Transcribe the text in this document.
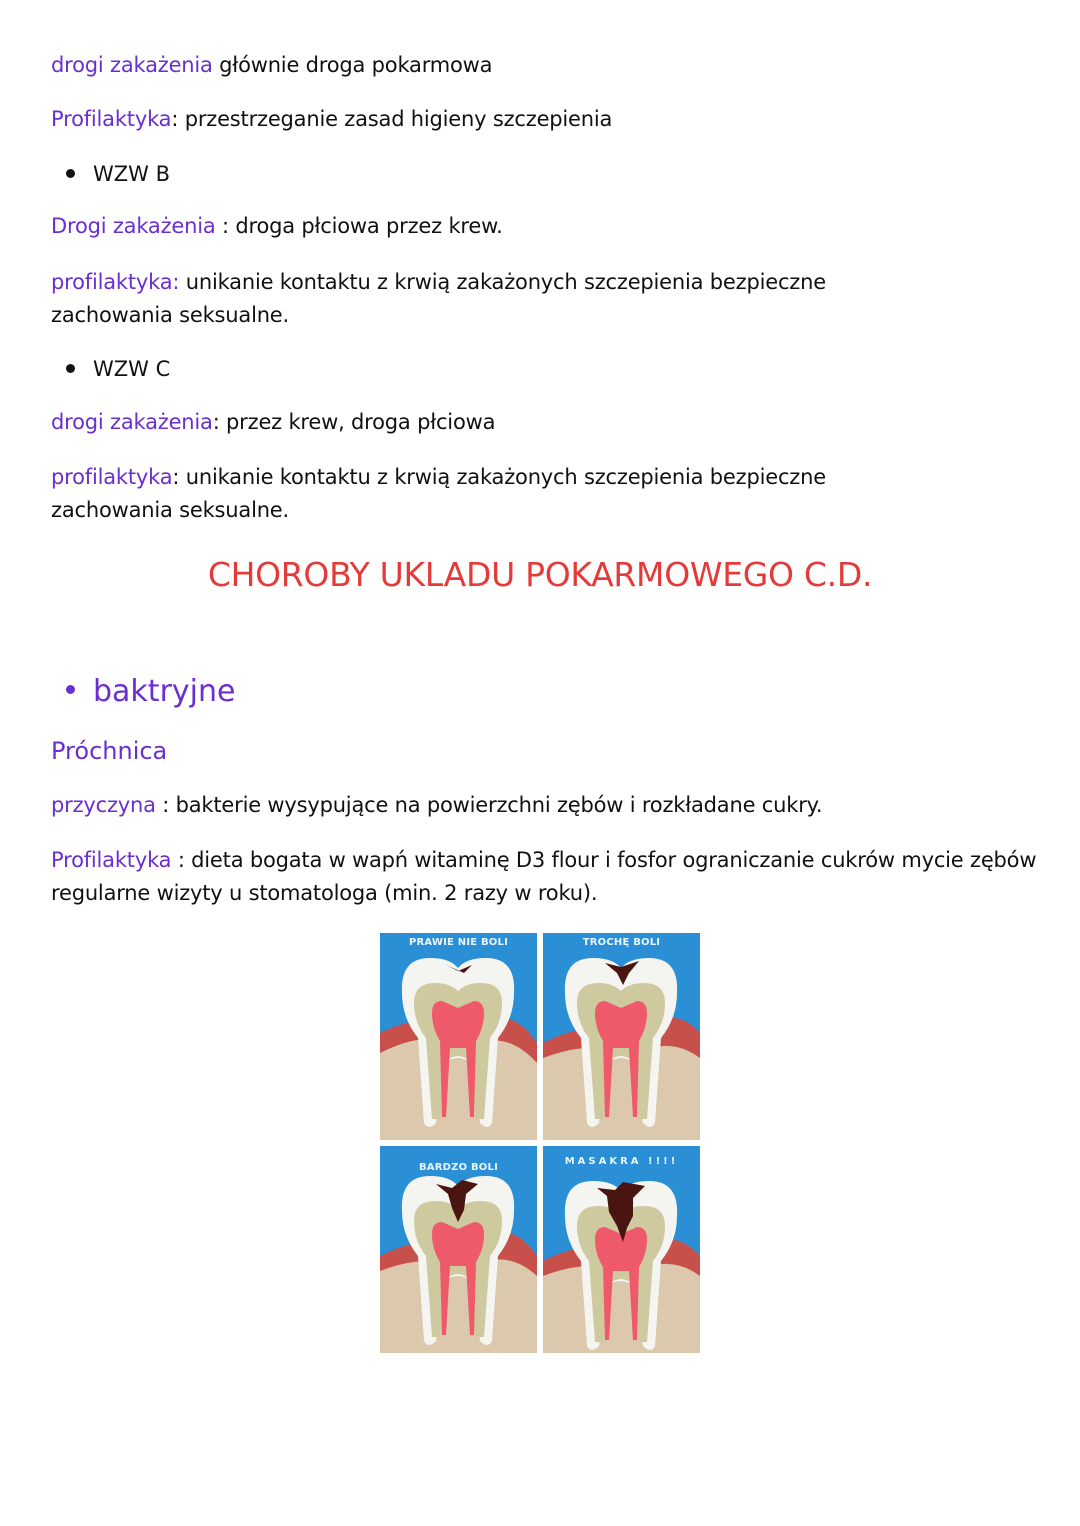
drogi zakażenia głównie droga pokarmowa
Profilaktyka: przestrzeganie zasad higieny szczepienia
WZW B
Drogi zakażenia : droga płciowa przez krew.
profilaktyka: unikanie kontaktu z krwią zakażonych szczepienia bezpieczne zachowania seksualne.
WZW C
drogi zakażenia: przez krew, droga płciowa
profilaktyka: unikanie kontaktu z krwią zakażonych szczepienia bezpieczne zachowania seksualne.
CHOROBY UKLADU POKARMOWEGO C.D.
baktryjne
Próchnica
przyczyna : bakterie wysypujące na powierzchni zębów i rozkładane cukry.
Profilaktyka : dieta bogata w wapń witaminę D3 flour i fosfor ograniczanie cukrów mycie zębów regularne wizyty u stomatologa (min. 2 razy w roku).
PRAWIE NIE BOLI	TROCHĘ BOLI
BARDZO BOLI
MASAKRA !!!!
